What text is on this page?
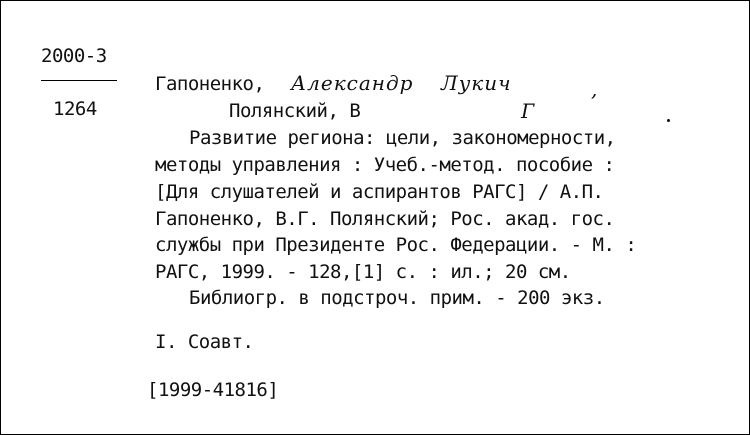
2000-3
1264
Гапоненко, Александр Лукич	,
Полянский, В	Г
Развитие региона: цели, закономерности,
методы управления : Учеб.-метод. пособие :
[Для слушателей и аспирантов РАГС] / А.П.
Гапоненко, В.Г. Полянский; Рос. акад. гос.
службы при Президенте Рос. Федерации. - М. :
РАГС, 1999. - 128,[1] с. : ил.; 20 см.
Библиогр. в подстроч. прим. - 200 экз.
I. Соавт.
[1999-41816]
